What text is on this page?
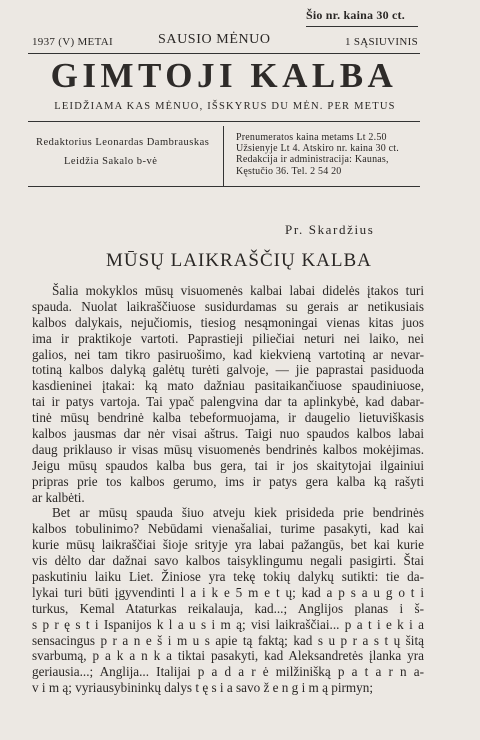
Šio nr. kaina 30 ct.
1937 (V) METAI	SAUSIO MĖNUO	1 SĄSIUVINIS
GIMTOJI KALBA
LEIDŽIAMA KAS MĖNUO, IŠSKYRUS DU MĖN. PER METUS
Redaktorius Leonardas Dambrauskas
Leidžia Sakalo b-vė
Prenumeratos kaina metams Lt 2.50
Užsienyje Lt 4. Atskiro nr. kaina 30 ct.
Redakcija ir administracija: Kaunas,
Kęstučio 36. Tel. 2 54 20
Pr. Skardžius
MŪSŲ LAIKRAŠČIŲ KALBA
Šalia mokyklos mūsų visuomenės kalbai labai didelės įtakos turi
spauda. Nuolat laikraščiuose susidurdamas su gerais ar netikusiais
kalbos dalykais, nejučiomis, tiesiog nesąmoningai vienas kitas juos
ima ir praktikoje vartoti. Paprastieji piliečiai neturi nei laiko, nei
galios, nei tam tikro pasiruošimo, kad kiekvieną vartotiną ar nevar-
totiną kalbos dalyką galėtų turėti galvoje, — jie paprastai pasiduoda
kasdieninei įtakai: ką mato dažniau pasitaikančiuose spaudiniuose,
tai ir patys vartoja. Tai ypač palengvina dar ta aplinkybė, kad dabar-
tinė mūsų bendrinė kalba tebeformuojama, ir daugelio lietuviškasis
kalbos jausmas dar nėr visai aštrus. Taigi nuo spaudos kalbos labai
daug priklauso ir visas mūsų visuomenės bendrinės kalbos mokėjimas.
Jeigu mūsų spaudos kalba bus gera, tai ir jos skaitytojai ilgainiui
pripras prie tos kalbos gerumo, ims ir patys gera kalba ką rašyti
ar kalbėti.
Bet ar mūsų spauda šiuo atveju kiek prisideda prie bendrinės
kalbos tobulinimo? Nebūdami vienašaliai, turime pasakyti, kad kai
kurie mūsų laikraščiai šioje srityje yra labai pažangūs, bet kai kurie
vis dėlto dar dažnai savo kalbos taisyklingumu negali pasigirti. Štai
paskutiniu laiku Liet. Žiniose yra tekę tokių dalykų sutikti: tie da-
lykai turi būti įgyvendinti l a i k e 5 m e t ų; kad a p s a u g o t i
turkus, Kemal Ataturkas reikalauja, kad...; Anglijos planas i š-
s p r ę s t i Ispanijos k l a u s i m ą; visi laikraščiai... p a t i e k i a
sensacingus p r a n e š i m u s apie tą faktą; kad s u p r a s t ų šitą
svarbumą, p a k a n k a tiktai pasakyti, kad Aleksandretės įlanka yra
geriausia...; Anglija... Italijai p a d a r ė milžinišką p a t a r n a-
v i m ą; vyriausybininkų dalys t ę s i a savo ž e n g i m ą pirmyn;
